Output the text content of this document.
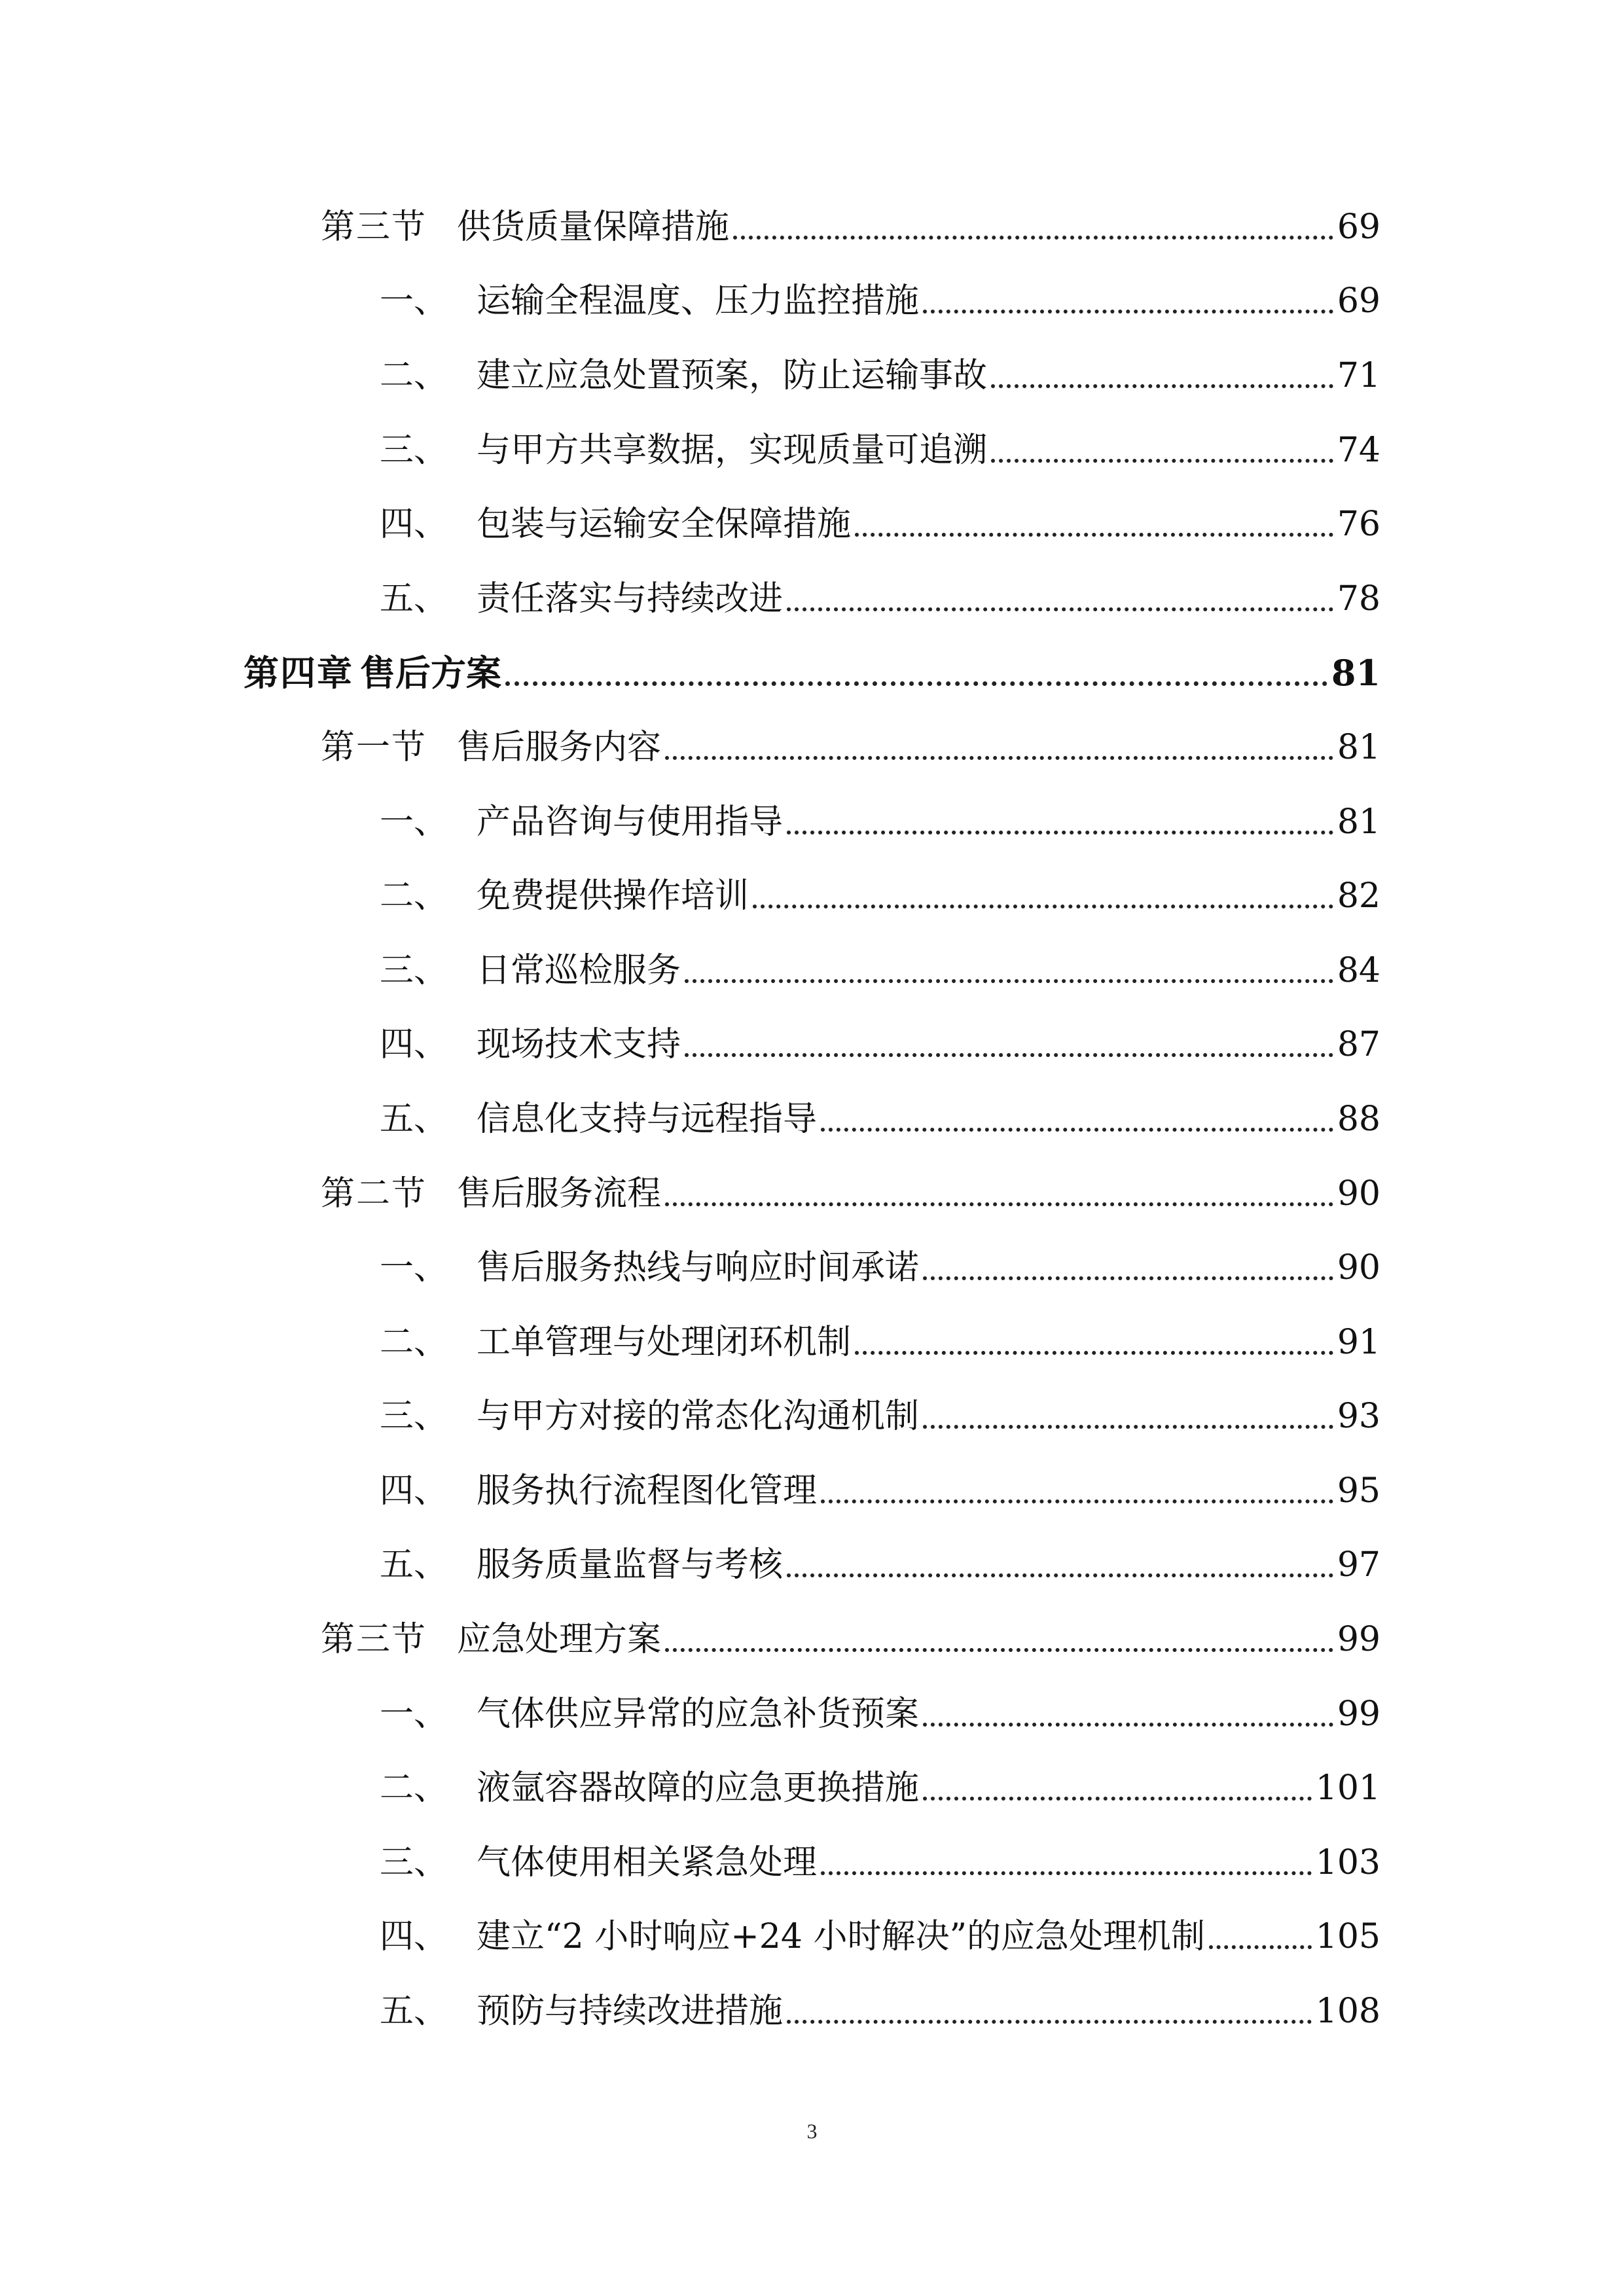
第三节 供货质量保障措施	69
一、 运输全程温度、压力监控措施	69
二、 建立应急处置预案，防止运输事故	71
三、 与甲方共享数据，实现质量可追溯	74
四、 包装与运输安全保障措施	76
五、 责任落实与持续改进	78
第四章 售后方案	81
第一节 售后服务内容	81
一、 产品咨询与使用指导	81
二、 免费提供操作培训	82
三、 日常巡检服务	84
四、 现场技术支持	87
五、 信息化支持与远程指导	88
第二节 售后服务流程	90
一、 售后服务热线与响应时间承诺	90
二、 工单管理与处理闭环机制	91
三、 与甲方对接的常态化沟通机制	93
四、 服务执行流程图化管理	95
五、 服务质量监督与考核	97
第三节 应急处理方案	99
一、 气体供应异常的应急补货预案	99
二、 液氩容器故障的应急更换措施	101
三、 气体使用相关紧急处理	103
四、 建立“2 小时响应+24 小时解决”的应急处理机制	105
五、 预防与持续改进措施	108
3
